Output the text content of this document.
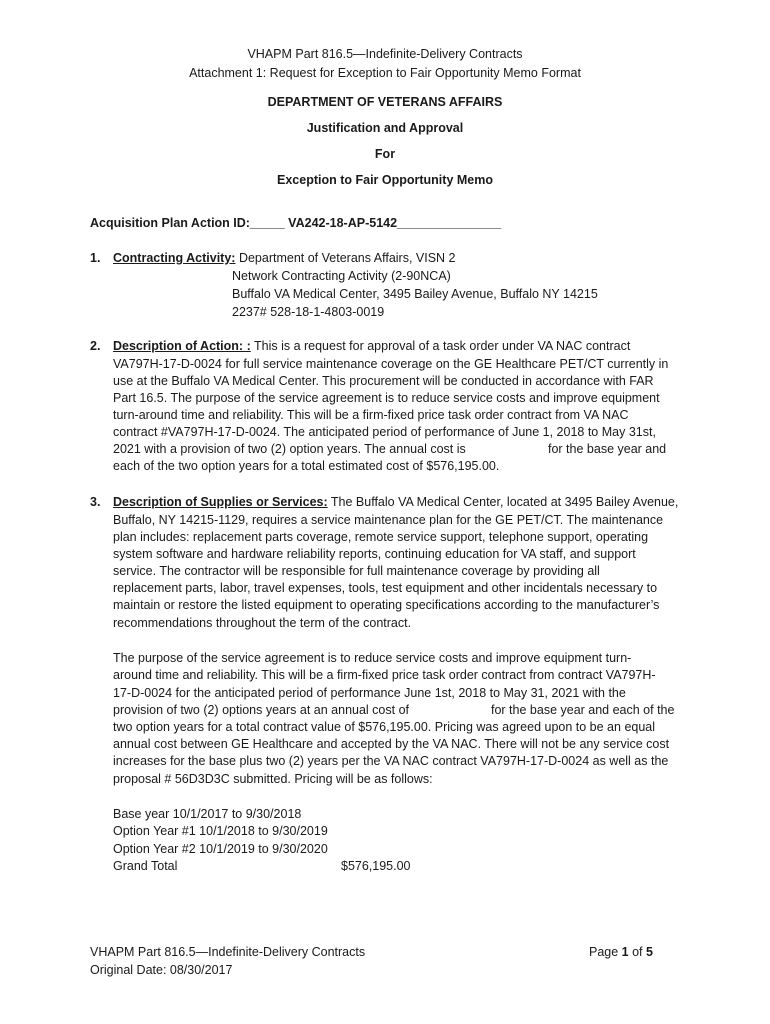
VHAPM Part 816.5—Indefinite-Delivery Contracts
Attachment 1: Request for Exception to Fair Opportunity Memo Format
DEPARTMENT OF VETERANS AFFAIRS
Justification and Approval
For
Exception to Fair Opportunity Memo
Acquisition Plan Action ID:_____ VA242-18-AP-5142_______________
1. Contracting Activity: Department of Veterans Affairs, VISN 2
Network Contracting Activity (2-90NCA)
Buffalo VA Medical Center, 3495 Bailey Avenue, Buffalo NY 14215
2237# 528-18-1-4803-0019
2. Description of Action: : This is a request for approval of a task order under VA NAC contract
VA797H-17-D-0024 for full service maintenance coverage on the GE Healthcare PET/CT currently in
use at the Buffalo VA Medical Center. This procurement will be conducted in accordance with FAR
Part 16.5. The purpose of the service agreement is to reduce service costs and improve equipment
turn-around time and reliability. This will be a firm-fixed price task order contract from VA NAC
contract #VA797H-17-D-0024. The anticipated period of performance of June 1, 2018 to May 31st,
2021 with a provision of two (2) option years. The annual cost is	for the base year and
each of the two option years for a total estimated cost of $576,195.00.
3. Description of Supplies or Services: The Buffalo VA Medical Center, located at 3495 Bailey Avenue,
Buffalo, NY 14215-1129, requires a service maintenance plan for the GE PET/CT. The maintenance
plan includes: replacement parts coverage, remote service support, telephone support, operating
system software and hardware reliability reports, continuing education for VA staff, and support
service. The contractor will be responsible for full maintenance coverage by providing all
replacement parts, labor, travel expenses, tools, test equipment and other incidentals necessary to
maintain or restore the listed equipment to operating specifications according to the manufacturer’s
recommendations throughout the term of the contract.
The purpose of the service agreement is to reduce service costs and improve equipment turn-
around time and reliability. This will be a firm-fixed price task order contract from contract VA797H-
17-D-0024 for the anticipated period of performance June 1st, 2018 to May 31, 2021 with the
provision of two (2) options years at an annual cost of	for the base year and each of the
two option years for a total contract value of $576,195.00. Pricing was agreed upon to be an equal
annual cost between GE Healthcare and accepted by the VA NAC. There will not be any service cost
increases for the base plus two (2) years per the VA NAC contract VA797H-17-D-0024 as well as the
proposal # 56D3D3C submitted. Pricing will be as follows:
Base year 10/1/2017 to 9/30/2018
Option Year #1 10/1/2018 to 9/30/2019
Option Year #2 10/1/2019 to 9/30/2020
Grand Total	$576,195.00
VHAPM Part 816.5—Indefinite-Delivery Contracts
Original Date: 08/30/2017
Page 1 of 5
